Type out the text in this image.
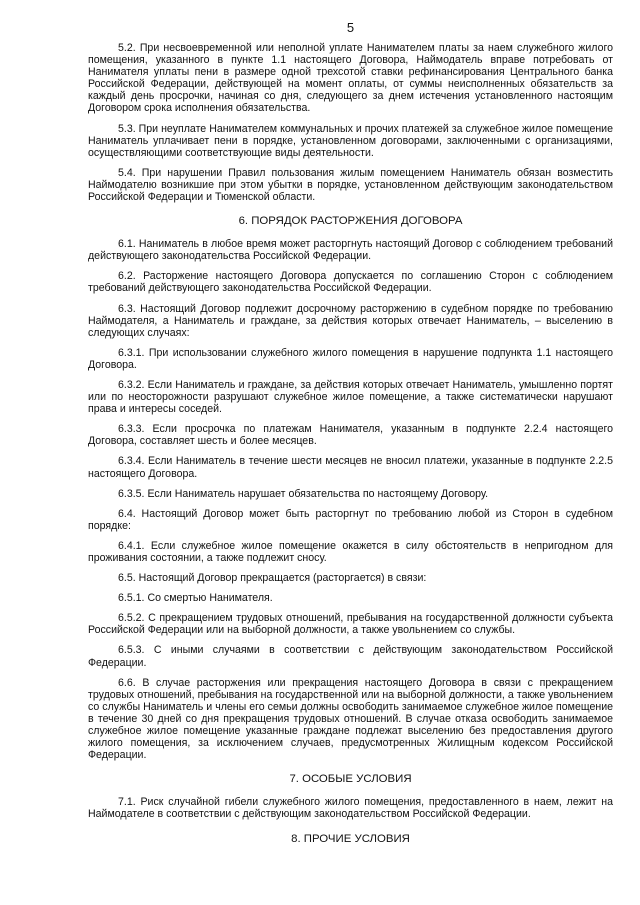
5

5.2. При несвоевременной или неполной уплате Нанимателем платы за наем служебного жилого помещения, указанного в пункте 1.1 настоящего Договора, Наймодатель вправе потребовать от Нанимателя уплаты пени в размере одной трехсотой ставки рефинансирования Центрального банка Российской Федерации, действующей на момент оплаты, от суммы неисполненных обязательств за каждый день просрочки, начиная со дня, следующего за днем истечения установленного настоящим Договором срока исполнения обязательства.

5.3. При неуплате Нанимателем коммунальных и прочих платежей за служебное жилое помещение Наниматель уплачивает пени в порядке, установленном договорами, заключенными с организациями, осуществляющими соответствующие виды деятельности.

5.4. При нарушении Правил пользования жилым помещением Наниматель обязан возместить Наймодателю возникшие при этом убытки в порядке, установленном действующим законодательством Российской Федерации и Тюменской области.

6. ПОРЯДОК РАСТОРЖЕНИЯ ДОГОВОРА

6.1. Наниматель в любое время может расторгнуть настоящий Договор с соблюдением требований действующего законодательства Российской Федерации.

6.2. Расторжение настоящего Договора допускается по соглашению Сторон с соблюдением требований действующего законодательства Российской Федерации.

6.3. Настоящий Договор подлежит досрочному расторжению в судебном порядке по требованию Наймодателя, а Наниматель и граждане, за действия которых отвечает Наниматель, – выселению в следующих случаях:

6.3.1. При использовании служебного жилого помещения в нарушение подпункта 1.1 настоящего Договора.

6.3.2. Если Наниматель и граждане, за действия которых отвечает Наниматель, умышленно портят или по неосторожности разрушают служебное жилое помещение, а также систематически нарушают права и интересы соседей.

6.3.3. Если просрочка по платежам Нанимателя, указанным в подпункте 2.2.4 настоящего Договора, составляет шесть и более месяцев.

6.3.4. Если Наниматель в течение шести месяцев не вносил платежи, указанные в подпункте 2.2.5 настоящего Договора.

6.3.5. Если Наниматель нарушает обязательства по настоящему Договору.

6.4. Настоящий Договор может быть расторгнут по требованию любой из Сторон в судебном порядке:

6.4.1. Если служебное жилое помещение окажется в силу обстоятельств в непригодном для проживания состоянии, а также подлежит сносу.

6.5. Настоящий Договор прекращается (расторгается) в связи:

6.5.1. Со смертью Нанимателя.

6.5.2. С прекращением трудовых отношений, пребывания на государственной должности субъекта Российской Федерации или на выборной должности, а также увольнением со службы.

6.5.3. С иными случаями в соответствии с действующим законодательством Российской Федерации.

6.6. В случае расторжения или прекращения настоящего Договора в связи с прекращением трудовых отношений, пребывания на государственной или на выборной должности, а также увольнением со службы Наниматель и члены его семьи должны освободить занимаемое служебное жилое помещение в течение 30 дней со дня прекращения трудовых отношений. В случае отказа освободить занимаемое служебное жилое помещение указанные граждане подлежат выселению без предоставления другого жилого помещения, за исключением случаев, предусмотренных Жилищным кодексом Российской Федерации.

7. ОСОБЫЕ УСЛОВИЯ

7.1. Риск случайной гибели служебного жилого помещения, предоставленного в наем, лежит на Наймодателе в соответствии с действующим законодательством Российской Федерации.

8. ПРОЧИЕ УСЛОВИЯ
